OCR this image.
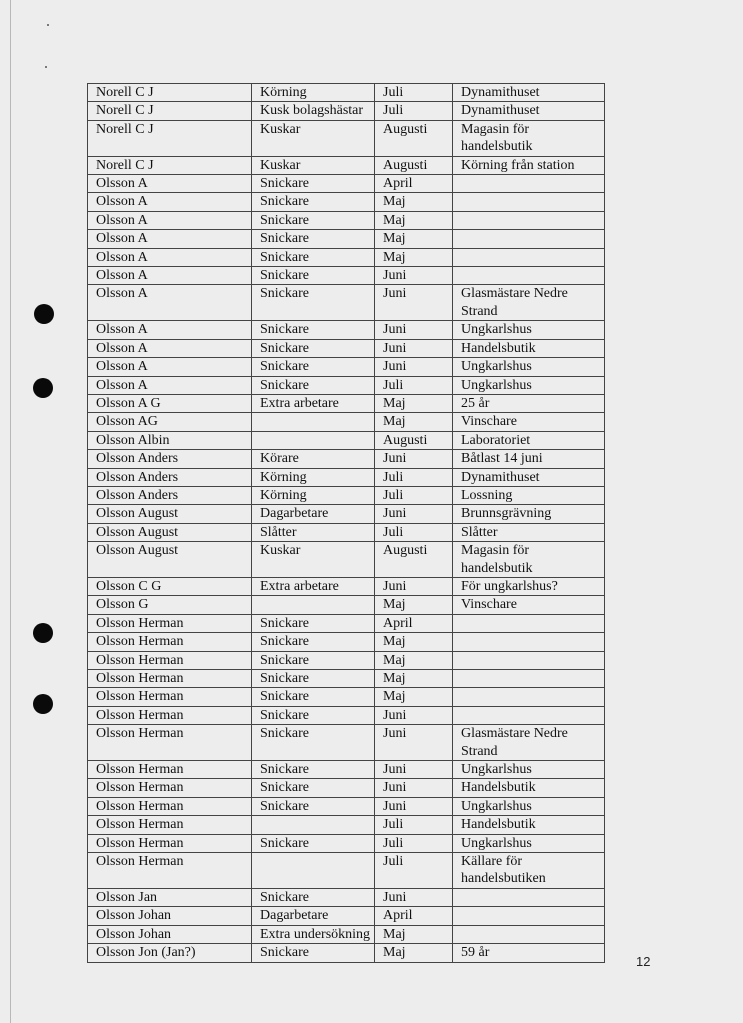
Norell C J	Körning	Juli	Dynamithuset
Norell C J	Kusk bolagshästar	Juli	Dynamithuset
Norell C J	Kuskar	Augusti	Magasin för handelsbutik
Norell C J	Kuskar	Augusti	Körning från station
Olsson A	Snickare	April	
Olsson A	Snickare	Maj	
Olsson A	Snickare	Maj	
Olsson A	Snickare	Maj	
Olsson A	Snickare	Maj	
Olsson A	Snickare	Juni	
Olsson A	Snickare	Juni	Glasmästare Nedre Strand
Olsson A	Snickare	Juni	Ungkarlshus
Olsson A	Snickare	Juni	Handelsbutik
Olsson A	Snickare	Juni	Ungkarlshus
Olsson A	Snickare	Juli	Ungkarlshus
Olsson A G	Extra arbetare	Maj	25 år
Olsson AG		Maj	Vinschare
Olsson Albin		Augusti	Laboratoriet
Olsson Anders	Körare	Juni	Båtlast 14 juni
Olsson Anders	Körning	Juli	Dynamithuset
Olsson Anders	Körning	Juli	Lossning
Olsson August	Dagarbetare	Juni	Brunnsgrävning
Olsson August	Slåtter	Juli	Slåtter
Olsson August	Kuskar	Augusti	Magasin för handelsbutik
Olsson C G	Extra arbetare	Juni	För ungkarlshus?
Olsson G		Maj	Vinschare
Olsson Herman	Snickare	April	
Olsson Herman	Snickare	Maj	
Olsson Herman	Snickare	Maj	
Olsson Herman	Snickare	Maj	
Olsson Herman	Snickare	Maj	
Olsson Herman	Snickare	Juni	
Olsson Herman	Snickare	Juni	Glasmästare Nedre Strand
Olsson Herman	Snickare	Juni	Ungkarlshus
Olsson Herman	Snickare	Juni	Handelsbutik
Olsson Herman	Snickare	Juni	Ungkarlshus
Olsson Herman		Juli	Handelsbutik
Olsson Herman	Snickare	Juli	Ungkarlshus
Olsson Herman		Juli	Källare för handelsbutiken
Olsson Jan	Snickare	Juni	
Olsson Johan	Dagarbetare	April	
Olsson Johan	Extra undersökning	Maj	
Olsson Jon (Jan?)	Snickare	Maj	59 år
12
